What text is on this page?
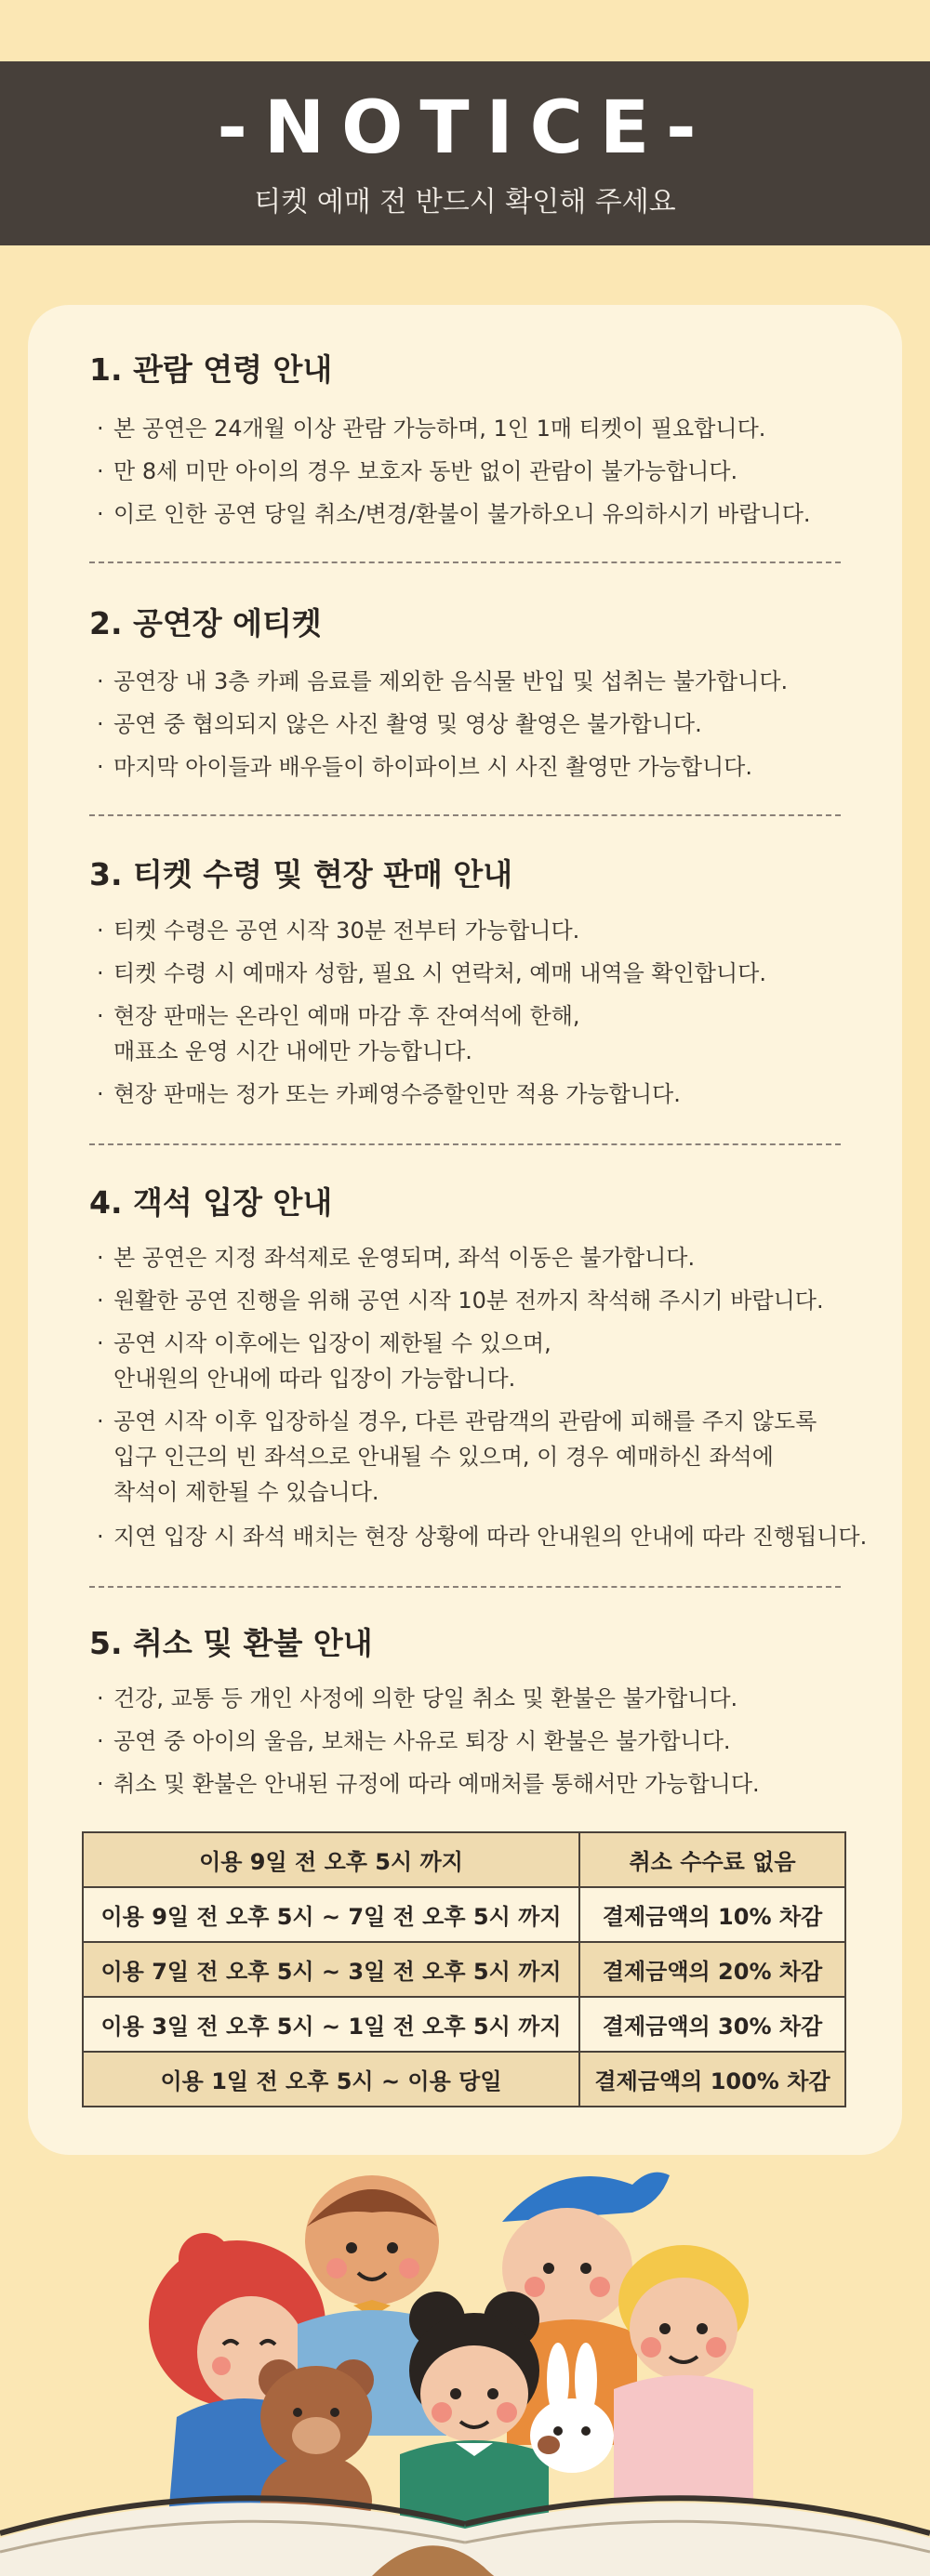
-NOTICE-
티켓 예매 전 반드시 확인해 주세요
1. 관람 연령 안내
· 본 공연은 24개월 이상 관람 가능하며, 1인 1매 티켓이 필요합니다.
· 만 8세 미만 아이의 경우 보호자 동반 없이 관람이 불가능합니다.
· 이로 인한 공연 당일 취소/변경/환불이 불가하오니 유의하시기 바랍니다.
2. 공연장 에티켓
· 공연장 내 3층 카페 음료를 제외한 음식물 반입 및 섭취는 불가합니다.
· 공연 중 협의되지 않은 사진 촬영 및 영상 촬영은 불가합니다.
· 마지막 아이들과 배우들이 하이파이브 시 사진 촬영만 가능합니다.
3. 티켓 수령 및 현장 판매 안내
· 티켓 수령은 공연 시작 30분 전부터 가능합니다.
· 티켓 수령 시 예매자 성함, 필요 시 연락처, 예매 내역을 확인합니다.
· 현장 판매는 온라인 예매 마감 후 잔여석에 한해,
매표소 운영 시간 내에만 가능합니다.
· 현장 판매는 정가 또는 카페영수증할인만 적용 가능합니다.
4. 객석 입장 안내
· 본 공연은 지정 좌석제로 운영되며, 좌석 이동은 불가합니다.
· 원활한 공연 진행을 위해 공연 시작 10분 전까지 착석해 주시기 바랍니다.
· 공연 시작 이후에는 입장이 제한될 수 있으며,
안내원의 안내에 따라 입장이 가능합니다.
· 공연 시작 이후 입장하실 경우, 다른 관람객의 관람에 피해를 주지 않도록
입구 인근의 빈 좌석으로 안내될 수 있으며, 이 경우 예매하신 좌석에
착석이 제한될 수 있습니다.
· 지연 입장 시 좌석 배치는 현장 상황에 따라 안내원의 안내에 따라 진행됩니다.
5. 취소 및 환불 안내
· 건강, 교통 등 개인 사정에 의한 당일 취소 및 환불은 불가합니다.
· 공연 중 아이의 울음, 보채는 사유로 퇴장 시 환불은 불가합니다.
· 취소 및 환불은 안내된 규정에 따라 예매처를 통해서만 가능합니다.
이용 9일 전 오후 5시 까지	취소 수수료 없음
이용 9일 전 오후 5시 ~ 7일 전 오후 5시 까지	결제금액의 10% 차감
이용 7일 전 오후 5시 ~ 3일 전 오후 5시 까지	결제금액의 20% 차감
이용 3일 전 오후 5시 ~ 1일 전 오후 5시 까지	결제금액의 30% 차감
이용 1일 전 오후 5시 ~ 이용 당일	결제금액의 100% 차감
